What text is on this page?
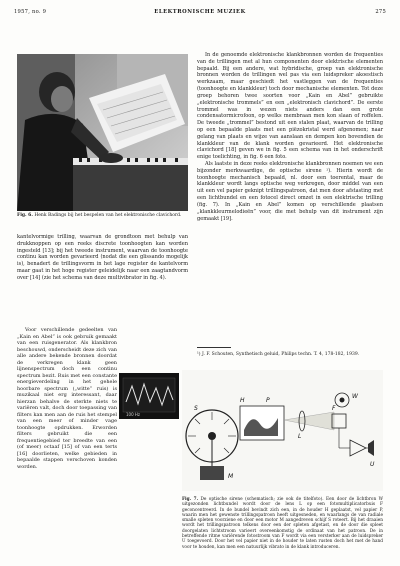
1957, no. 9	ELEKTRONISCHE MUZIEK	275
Fig. 6. Henk Badings bij het bespelen van het elektronische clavichord.

In de genoemde elektronische klankbronnen worden de frequenties van de trillingen met al hun componenten door elektrische elementen bepaald. Bij een andere, wat hybridische, groep van elektronische bronnen worden de trillingen wel pas via een luidspreker akoestisch werkzaam, maar geschiedt het vastleggen van de frequenties (toonhoogte en klankkleur) toch door mechanische elementen. Tot deze groep behoren twee soorten voor „Kain en Abel” gebruikte „elektronische trommels” en een „elektronisch clavichord”. De eerste trommel was in wezen niets anders dan een grote condensatormicrofoon, op welks membraan men kon slaan of roffelen. De tweede „trommel” bestond uit een stalen plaat, waarvan de trilling op een bepaalde plaats met een piëzokristal werd afgenomen; naar gelang van plaats en wijze van aanslaan en dempen kon bovendien de klankkleur van de klank worden gevarieerd. Het elektronische clavichord [18] geven we in fig. 5 een schema van in het onderschrift enige toelichting, in fig. 6 een foto.

Als laatste in deze reeks elektronische klankbronnen noemen we een bijzonder merkwaardige, de optische sirene ¹). Hierin wordt de toonhoogte mechanisch bepaald, nl. door een toerental, maar de klankkleur wordt langs optische weg verkregen, door middel van een uit een vel papier geknipt trillingspatroon, dat men door afstasting met een lichtbundel en een fotocel direct omzet in een elektrische trilling (fig. 7). In „Kain en Abel” komen op verschillende plaatsen „klankkleurmelodieën” voor, die met behulp van dit instrument zijn gemaakt [19].

¹) J. F. Schouten, Synthetisch geluid, Philips techn. T. 4, 178-182, 1939.

kantelvormige trilling, waarvan de grondtoon met behulp van drukknoppen op een reeks discrete toonhoogten kan worden ingesteld [13]; bij het tweede instrument, waarvan de toonhoogte continu kan worden gevarieerd (nodat die een glissando mogelijk is), benadert de trillingsvorm in het lage register de kantelvorm maar gaat in het hoge register geleidelijk naar een zaagtandvorm over [14] (zie het schema van deze multivibrator in fig. 4).

Voor verschillende gedeelten van „Kain en Abel” is ook gebruik gemaakt van een ruisgenerator. Als klankbron beschouwd, onderscheidt deze zich van alle andere bekende bronnen doordat de verkregen klank geen lijnenspectrum doch een continu spectrum bezit. Ruis met een constante energieverdeling in het gehele hoorbare spectrum („witte” ruis) is muzikaal niet erg interessant, daar hierzan behalve de sterkte niets te variëren valt, doch door toepassing van filters kan men aan de ruis het stempel van een meer of minder vage toonhoogte opdrukken. Erworden filters gebruikt die een frequentiegebied ter breedte van een (of meer) octaaf [15] of van een terts [16] doorlieten, welke gebieden in bepaalde stappen verschoven konden worden.

100 Hz
S
H	P
W
L
F
U
M
Fig. 7. De optische sirene (schematisch; zie ook de titelfoto). Een door de lichtbron W uitgezonden lichtbundel wordt door de lens L op een fotomultiplicatorbuis F geconcentreerd. In de bundel bevindt zich een, in de houder H geplaatst, vel papier P, waarin men het gewenste trillingspatroon heeft uitgesneden, en waarlangs de van radiale smalle spleten voorziene en door een motor M aangedreven schijf S roteert. Bij het draaien wordt het trillingspatroon telkens door een der spleten afgetast, en de door die spleet doorgelaten lichtstroom varieert overeenkomstig de ordinaat van het patroon. De in betreffende ritme variërende fotostroom van F wordt via een versterker aan de luidspreker U toegevoerd. Door het vel papier niet in de houder te laten rusten doch het met de hand voor te houden, kan men een natuurlijk vibrato in de klank introduceren.
